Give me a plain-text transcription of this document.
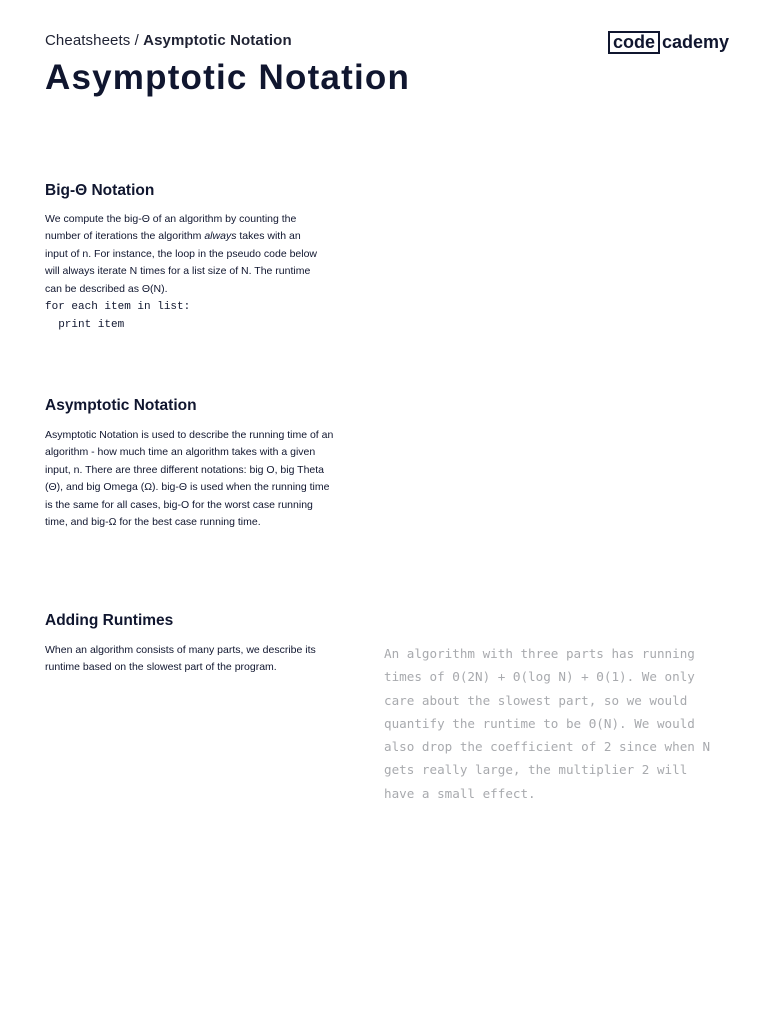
Cheatsheets / Asymptotic Notation	code cademy
Asymptotic Notation
Big-Θ Notation

We compute the big-Θ of an algorithm by counting the number of iterations the algorithm always takes with an input of n. For instance, the loop in the pseudo code below will always iterate N times for a list size of N. The runtime can be described as Θ(N).

for each item in list:
print item
Asymptotic Notation

Asymptotic Notation is used to describe the running time of an algorithm - how much time an algorithm takes with a given input, n. There are three different notations: big O, big Theta (Θ), and big Omega (Ω). big-Θ is used when the running time is the same for all cases, big-O for the worst case running time, and big-Ω for the best case running time.

Adding Runtimes

When an algorithm consists of many parts, we describe its runtime based on the slowest part of the program.

An algorithm with three parts has running times of Θ(2N) + Θ(log N) + Θ(1). We only care about the slowest part, so we would quantify the runtime to be Θ(N). We would also drop the coefficient of 2 since when N gets really large, the multiplier 2 will have a small effect.
